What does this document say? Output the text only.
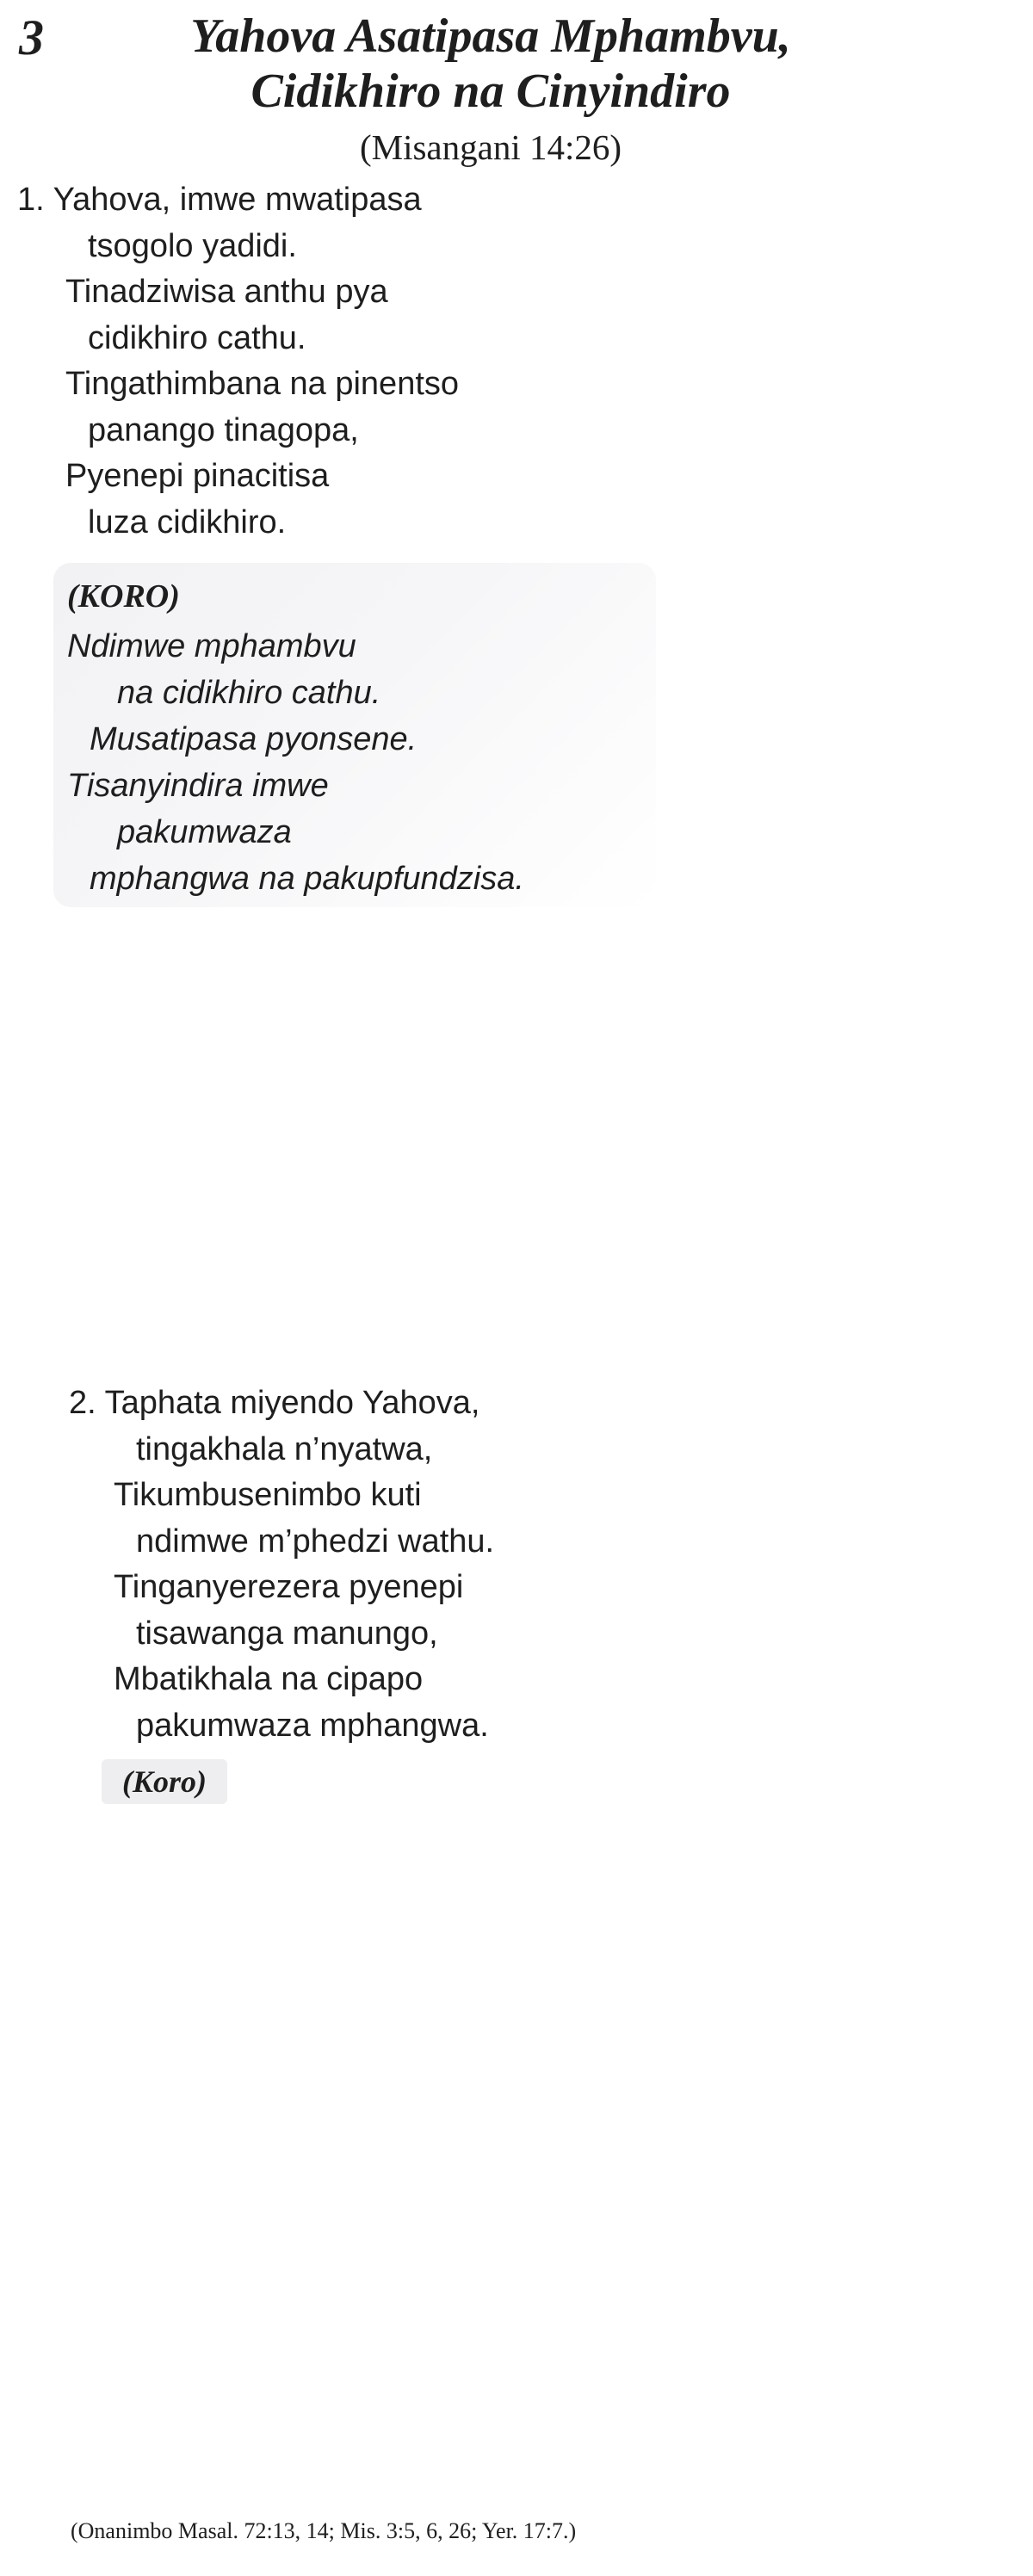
3	Yahova Asatipasa Mphambvu,
Cidikhiro na Cinyindiro
(Misangani 14:26)
1. Yahova, imwe mwatipasa
tsogolo yadidi.
Tinadziwisa anthu pya
cidikhiro cathu.
Tingathimbana na pinentso
panango tinagopa,
Pyenepi pinacitisa
luza cidikhiro.
(KORO)
Ndimwe mphambvu
na cidikhiro cathu.
Musatipasa pyonsene.
Tisanyindira imwe
pakumwaza
mphangwa na pakupfundzisa.
2. Taphata miyendo Yahova,
tingakhala n’nyatwa,
Tikumbusenimbo kuti
ndimwe m’phedzi wathu.
Tinganyerezera pyenepi
tisawanga manungo,
Mbatikhala na cipapo
pakumwaza mphangwa.
(Koro)
(Onanimbo Masal. 72:13, 14; Mis. 3:5, 6, 26; Yer. 17:7.)
